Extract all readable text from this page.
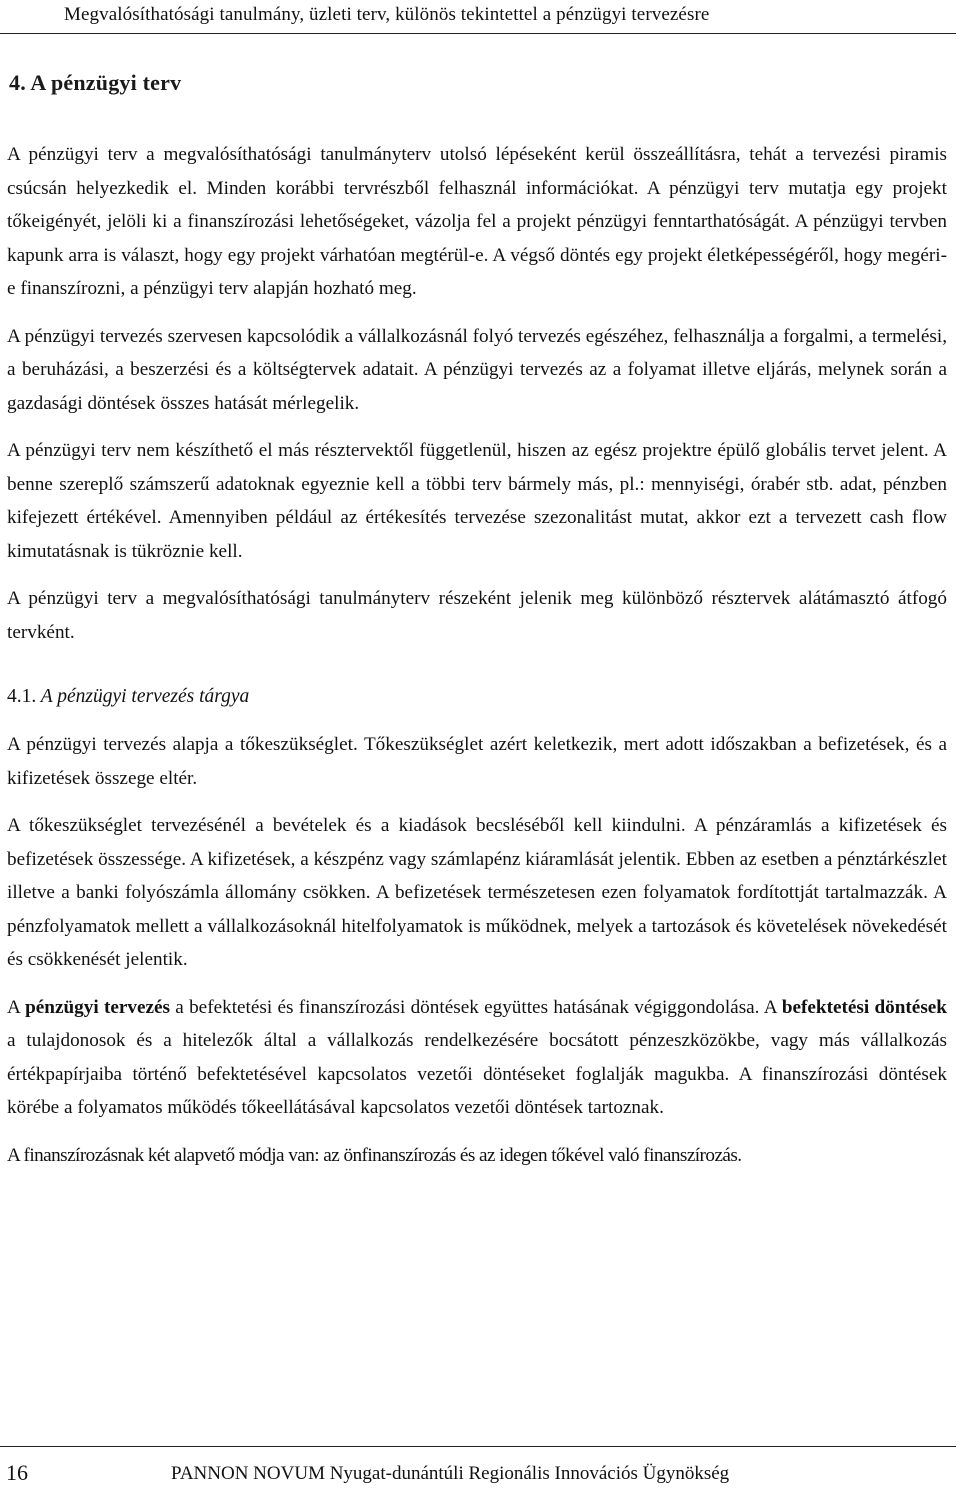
Megvalósíthatósági tanulmány, üzleti terv, különös tekintettel a pénzügyi tervezésre
4. A pénzügyi terv

A pénzügyi terv a megvalósíthatósági tanulmányterv utolsó lépéseként kerül összeállításra, tehát a tervezési piramis csúcsán helyezkedik el. Minden korábbi tervrészből felhasznál információkat. A pénzügyi terv mutatja egy projekt tőkeigényét, jelöli ki a finanszírozási lehetőségeket, vázolja fel a projekt pénzügyi fenntarthatóságát. A pénzügyi tervben kapunk arra is választ, hogy egy projekt várhatóan megtérül-e. A végső döntés egy projekt életképességéről, hogy megéri-e finanszírozni, a pénzügyi terv alapján hozható meg.

A pénzügyi tervezés szervesen kapcsolódik a vállalkozásnál folyó tervezés egészéhez, felhasználja a forgalmi, a termelési, a beruházási, a beszerzési és a költségtervek adatait. A pénzügyi tervezés az a folyamat illetve eljárás, melynek során a gazdasági döntések összes hatását mérlegelik.

A pénzügyi terv nem készíthető el más résztervektől függetlenül, hiszen az egész projektre épülő globális tervet jelent. A benne szereplő számszerű adatoknak egyeznie kell a többi terv bármely más, pl.: mennyiségi, órabér stb. adat, pénzben kifejezett értékével. Amennyiben például az értékesítés tervezése szezonalitást mutat, akkor ezt a tervezett cash flow kimutatásnak is tükröznie kell.

A pénzügyi terv a megvalósíthatósági tanulmányterv részeként jelenik meg különböző résztervek alátámasztó átfogó tervként.

4.1. A pénzügyi tervezés tárgya

A pénzügyi tervezés alapja a tőkeszükséglet. Tőkeszükséglet azért keletkezik, mert adott időszakban a befizetések, és a kifizetések összege eltér.

A tőkeszükséglet tervezésénél a bevételek és a kiadások becsléséből kell kiindulni. A pénzáramlás a kifizetések és befizetések összessége. A kifizetések, a készpénz vagy számlapénz kiáramlását jelentik. Ebben az esetben a pénztárkészlet illetve a banki folyószámla állomány csökken. A befizetések természetesen ezen folyamatok fordítottját tartalmazzák. A pénzfolyamatok mellett a vállalkozásoknál hitelfolyamatok is működnek, melyek a tartozások és követelések növekedését és csökkenését jelentik.

A pénzügyi tervezés a befektetési és finanszírozási döntések együttes hatásának végiggondolása. A befektetési döntések a tulajdonosok és a hitelezők által a vállalkozás rendelkezésére bocsátott pénzeszközökbe, vagy más vállalkozás értékpapírjaiba történő befektetésével kapcsolatos vezetői döntéseket foglalják magukba. A finanszírozási döntések körébe a folyamatos működés tőkeellátásával kapcsolatos vezetői döntések tartoznak.

A finanszírozásnak két alapvető módja van: az önfinanszírozás és az idegen tőkével való finanszírozás.

16	PANNON NOVUM Nyugat-dunántúli Regionális Innovációs Ügynökség
